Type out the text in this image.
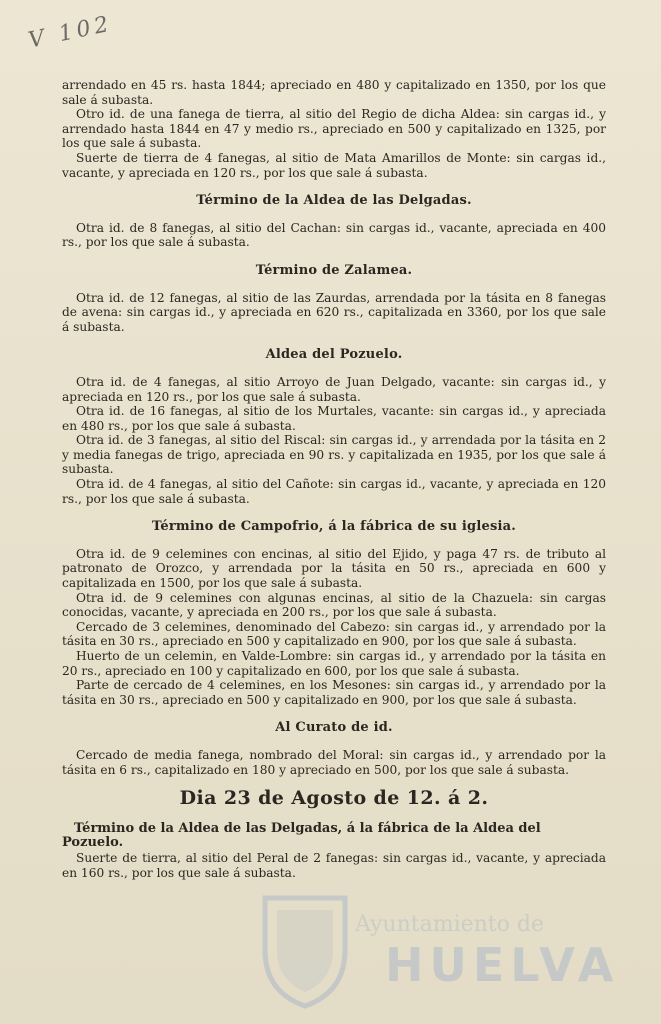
V 102

arrendado en 45 rs. hasta 1844; apreciado en 480 y capitalizado en 1350, por los que sale á subasta.

Otro id. de una fanega de tierra, al sitio del Regio de dicha Aldea: sin cargas id., y arrendado hasta 1844 en 47 y medio rs., apreciado en 500 y capitalizado en 1325, por los que sale á subasta.

Suerte de tierra de 4 fanegas, al sitio de Mata Amarillos de Monte: sin cargas id., vacante, y apreciada en 120 rs., por los que sale á subasta.

Término de la Aldea de las Delgadas.

Otra id. de 8 fanegas, al sitio del Cachan: sin cargas id., vacante, apreciada en 400 rs., por los que sale á subasta.

Término de Zalamea.

Otra id. de 12 fanegas, al sitio de las Zaurdas, arrendada por la tásita en 8 fanegas de avena: sin cargas id., y apreciada en 620 rs., capitalizada en 3360, por los que sale á subasta.

Aldea del Pozuelo.

Otra id. de 4 fanegas, al sitio Arroyo de Juan Delgado, vacante: sin cargas id., y apreciada en 120 rs., por los que sale á subasta.

Otra id. de 16 fanegas, al sitio de los Murtales, vacante: sin cargas id., y apreciada en 480 rs., por los que sale á subasta.

Otra id. de 3 fanegas, al sitio del Riscal: sin cargas id., y arrendada por la tásita en 2 y media fanegas de trigo, apreciada en 90 rs. y capitalizada en 1935, por los que sale á subasta.

Otra id. de 4 fanegas, al sitio del Cañote: sin cargas id., vacante, y apreciada en 120 rs., por los que sale á subasta.

Término de Campofrio, á la fábrica de su iglesia.

Otra id. de 9 celemines con encinas, al sitio del Ejido, y paga 47 rs. de tributo al patronato de Orozco, y arrendada por la tásita en 50 rs., apreciada en 600 y capitalizada en 1500, por los que sale á subasta.

Otra id. de 9 celemines con algunas encinas, al sitio de la Chazuela: sin cargas conocidas, vacante, y apreciada en 200 rs., por los que sale á subasta.

Cercado de 3 celemines, denominado del Cabezo: sin cargas id., y arrendado por la tásita en 30 rs., apreciado en 500 y capitalizado en 900, por los que sale á subasta.

Huerto de un celemin, en Valde-Lombre: sin cargas id., y arrendado por la tásita en 20 rs., apreciado en 100 y capitalizado en 600, por los que sale á subasta.

Parte de cercado de 4 celemines, en los Mesones: sin cargas id., y arrendado por la tásita en 30 rs., apreciado en 500 y capitalizado en 900, por los que sale á subasta.

Al Curato de id.

Cercado de media fanega, nombrado del Moral: sin cargas id., y arrendado por la tásita en 6 rs., capitalizado en 180 y apreciado en 500, por los que sale á subasta.

Dia 23 de Agosto de 12. á 2.

Término de la Aldea de las Delgadas, á la fábrica de la Aldea del Pozuelo.

Suerte de tierra, al sitio del Peral de 2 fanegas: sin cargas id., vacante, y apreciada en 160 rs., por los que sale á subasta.

Ayuntamiento de
HUELVA
